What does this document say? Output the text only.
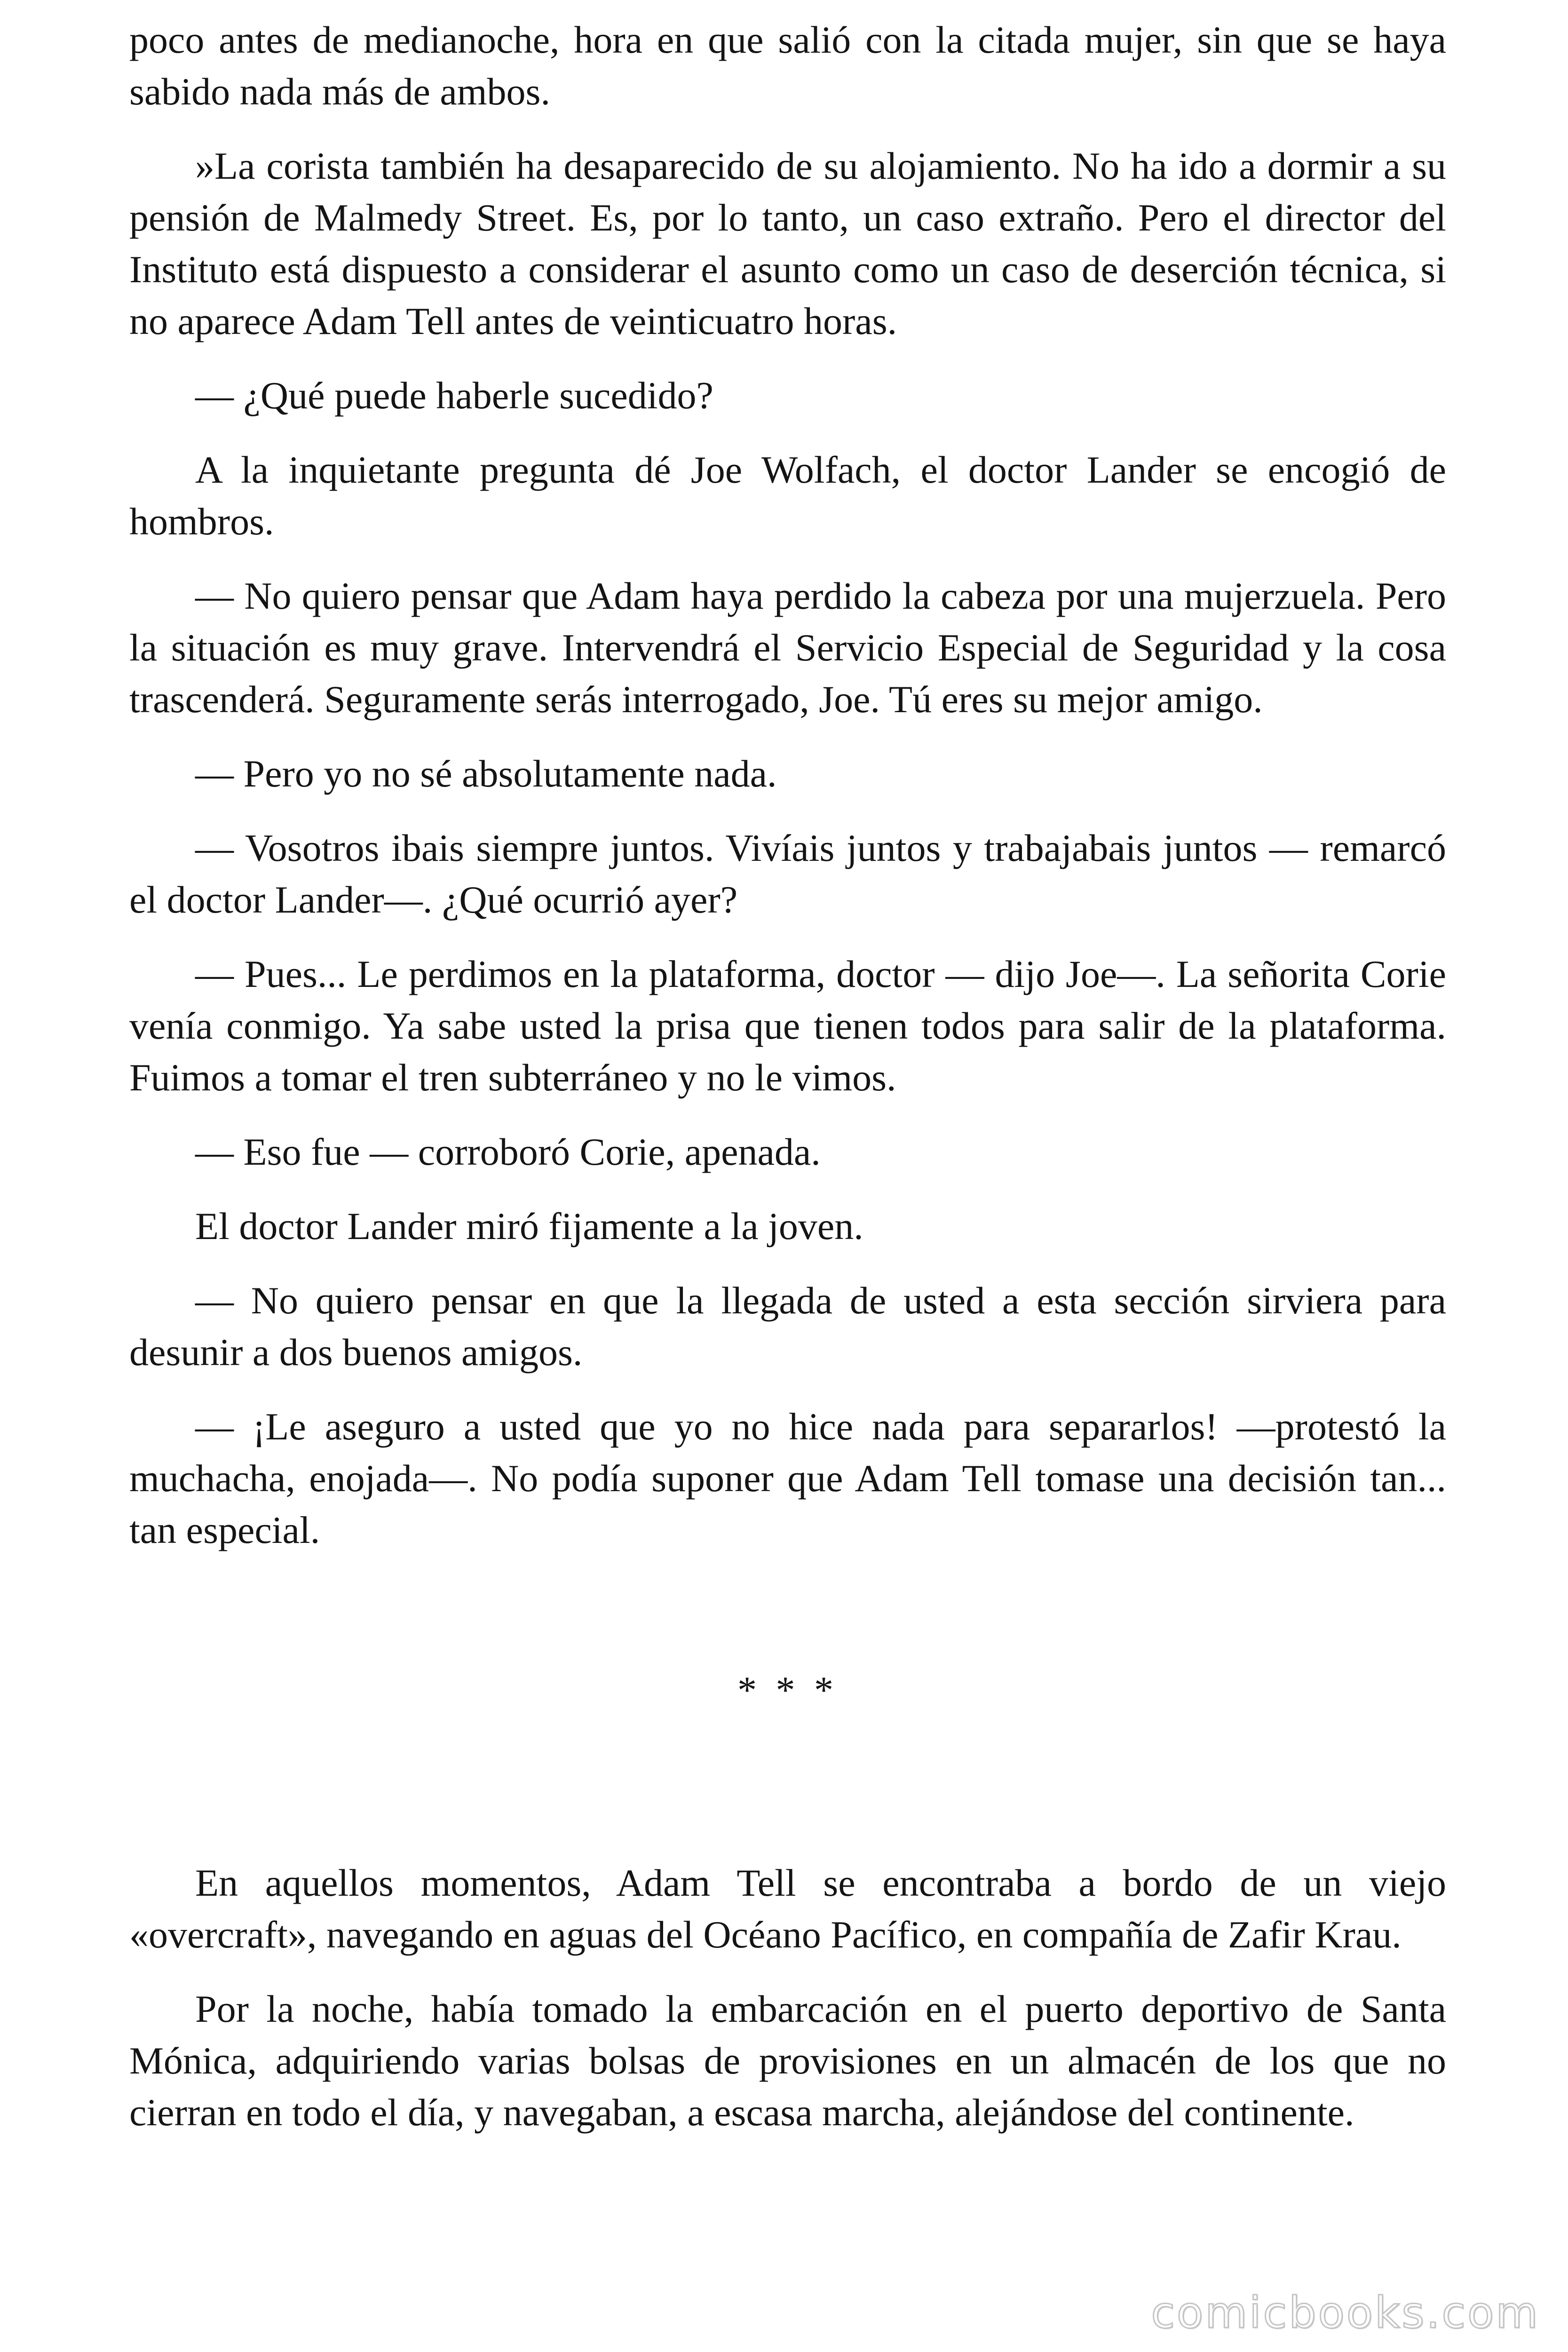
poco antes de medianoche, hora en que salió con la citada mujer, sin que se haya sabido nada más de ambos.

»La corista también ha desaparecido de su alojamiento. No ha ido a dormir a su pensión de Malmedy Street. Es, por lo tanto, un caso extraño. Pero el director del Instituto está dispuesto a considerar el asunto como un caso de deserción técnica, si no aparece Adam Tell antes de veinticuatro horas.

— ¿Qué puede haberle sucedido?

A la inquietante pregunta dé Joe Wolfach, el doctor Lander se encogió de hombros.

— No quiero pensar que Adam haya perdido la cabeza por una mujerzuela. Pero la situación es muy grave. Intervendrá el Servicio Especial de Seguridad y la cosa trascenderá. Seguramente serás interrogado, Joe. Tú eres su mejor amigo.

— Pero yo no sé absolutamente nada.

— Vosotros ibais siempre juntos. Vivíais juntos y trabajabais juntos — remarcó el doctor Lander—. ¿Qué ocurrió ayer?

— Pues... Le perdimos en la plataforma, doctor — dijo Joe—. La señorita Corie venía conmigo. Ya sabe usted la prisa que tienen todos para salir de la plataforma. Fuimos a tomar el tren subterráneo y no le vimos.

— Eso fue — corroboró Corie, apenada.

El doctor Lander miró fijamente a la joven.

— No quiero pensar en que la llegada de usted a esta sección sirviera para desunir a dos buenos amigos.

— ¡Le aseguro a usted que yo no hice nada para separarlos! —protestó la muchacha, enojada—. No podía suponer que Adam Tell tomase una decisión tan... tan especial.

* * *

En aquellos momentos, Adam Tell se encontraba a bordo de un viejo «overcraft», navegando en aguas del Océano Pacífico, en compañía de Zafir Krau.

Por la noche, había tomado la embarcación en el puerto deportivo de Santa Mónica, adquiriendo varias bolsas de provisiones en un almacén de los que no cierran en todo el día, y navegaban, a escasa marcha, alejándose del continente.

comicbooks.com
